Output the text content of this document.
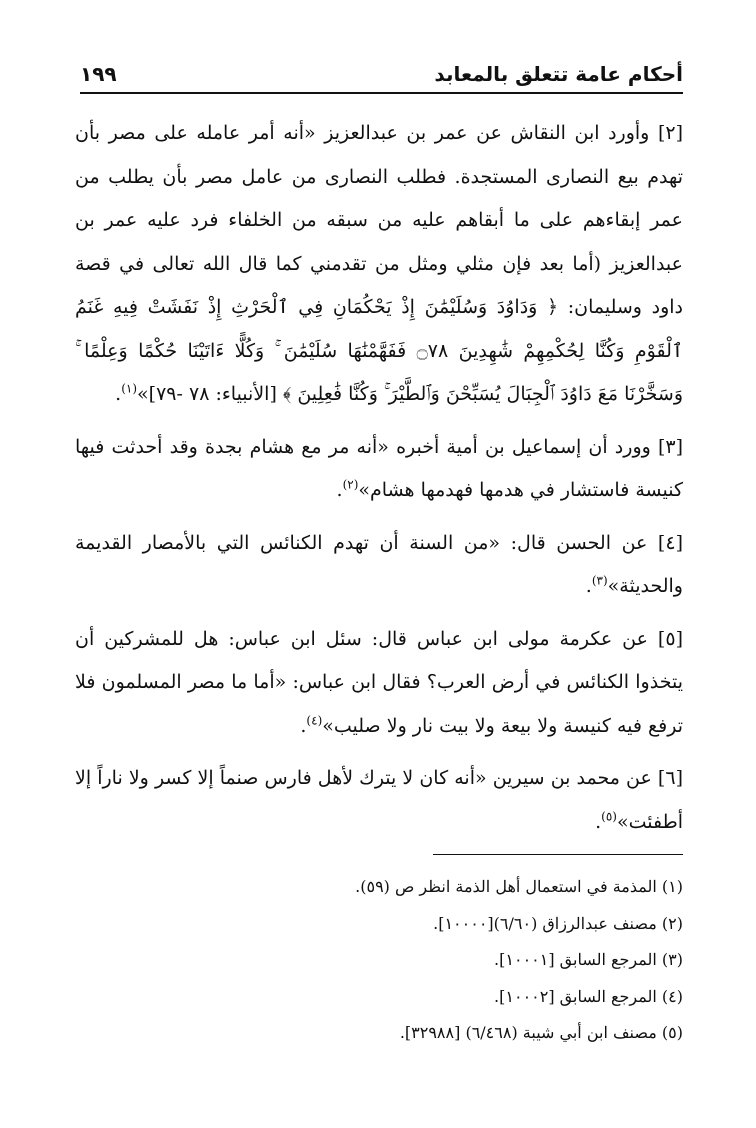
أحكام عامة تتعلق بالمعابد
١٩٩

[٢] وأورد ابن النقاش عن عمر بن عبدالعزيز «أنه أمر عامله على مصر بأن تهدم بيع النصارى المستجدة. فطلب النصارى من عامل مصر بأن يطلب من عمر إبقاءهم على ما أبقاهم عليه من سبقه من الخلفاء فرد عليه عمر بن عبدالعزيز (أما بعد فإن مثلي ومثل من تقدمني كما قال الله تعالى في قصة داود وسليمان: ﴿ وَدَاوُدَ وَسُلَيْمَٰنَ إِذْ يَحْكُمَانِ فِي ٱلْحَرْثِ إِذْ نَفَشَتْ فِيهِ غَنَمُ ٱلْقَوْمِ وَكُنَّا لِحُكْمِهِمْ شَٰهِدِينَ ۝٧٨ فَفَهَّمْنَٰهَا سُلَيْمَٰنَ ۚ وَكُلًّا ءَاتَيْنَا حُكْمًا وَعِلْمًا ۚ وَسَخَّرْنَا مَعَ دَاوُدَ ٱلْجِبَالَ يُسَبِّحْنَ وَٱلطَّيْرَ ۚ وَكُنَّا فَٰعِلِينَ ﴾ [الأنبياء: ٧٨ -٧٩]»$^{(١)}$.

[٣] وورد أن إسماعيل بن أمية أخبره «أنه مر مع هشام بجدة وقد أحدثت فيها كنيسة فاستشار في هدمها فهدمها هشام»$^{(٢)}$.

[٤] عن الحسن قال: «من السنة أن تهدم الكنائس التي بالأمصار القديمة والحديثة»$^{(٣)}$.

[٥] عن عكرمة مولى ابن عباس قال: سئل ابن عباس: هل للمشركين أن يتخذوا الكنائس في أرض العرب؟ فقال ابن عباس: «أما ما مصر المسلمون فلا ترفع فيه كنيسة ولا بيعة ولا بيت نار ولا صليب»$^{(٤)}$.

[٦] عن محمد بن سيرين «أنه كان لا يترك لأهل فارس صنماً إلا كسر ولا ناراً إلا أطفئت»$^{(٥)}$.

(١) المذمة في استعمال أهل الذمة انظر ص (٥٩).
(٢) مصنف عبدالرزاق (٦/٦٠)[١٠٠٠٠].
(٣) المرجع السابق [١٠٠٠١].
(٤) المرجع السابق [١٠٠٠٢].
(٥) مصنف ابن أبي شيبة (٦/٤٦٨) [٣٢٩٨٨].
